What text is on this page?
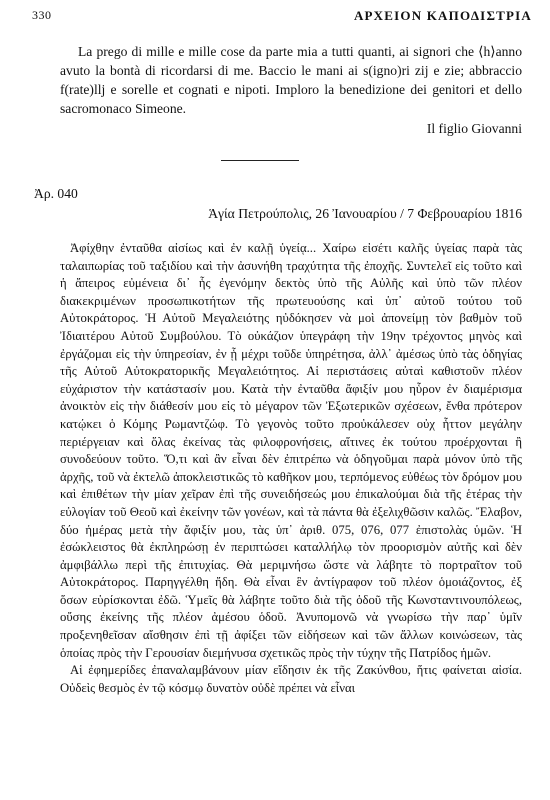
330	ΑΡΧΕΙΟΝ ΚΑΠΟΔΙΣΤΡΙΑ

La prego di mille e mille cose da parte mia a tutti quanti, ai signori che ⟨h⟩anno avuto la bontà di ricordarsi di me. Baccio le mani ai s(igno)ri zij e zie; abbraccio f(rate)llj e sorelle et cognati e nipoti. Imploro la benedizione dei genitori et dello sacromonaco Simeone.

Il figlio Giovanni
Ἀρ. 040
Ἁγία Πετρούπολις, 26 Ἰανουαρίου / 7 Φεβρουαρίου 1816

Ἀφίχθην ἐνταῦθα αἰσίως καὶ ἐν καλῇ ὑγείᾳ... Χαίρω εἰσέτι καλῆς ὑγείας παρὰ τὰς ταλαιπωρίας τοῦ ταξιδίου καὶ τὴν ἀσυνήθη τραχύτητα τῆς ἐποχῆς. Συντελεῖ εἰς τοῦτο καὶ ἡ ἄπειρος εὐμένεια δι᾽ ἧς ἐγενόμην δεκτὸς ὑπὸ τῆς Αὐλῆς καὶ ὑπὸ τῶν πλέον διακεκριμένων προσωπικοτήτων τῆς πρωτευούσης καὶ ὑπ᾽ αὐτοῦ τούτου τοῦ Αὐτοκράτορος. Ἡ Αὐτοῦ Μεγαλειότης ηὐδόκησεν νὰ μοὶ ἀπονείμῃ τὸν βαθμὸν τοῦ Ἰδιαιτέρου Αὐτοῦ Συμβούλου. Τὸ οὐκάζιον ὑπεγράφη τὴν 19ην τρέχοντος μηνὸς καὶ ἐργάζομαι εἰς τὴν ὑπηρεσίαν, ἐν ᾗ μέχρι τοῦδε ὑπηρέτησα, ἀλλ᾽ ἀμέσως ὑπὸ τὰς ὁδηγίας τῆς Αὐτοῦ Αὐτοκρατορικῆς Μεγαλειότητος. Αἱ περιστάσεις αὐταὶ καθιστοῦν πλέον εὐχάριστον τὴν κατάστασίν μου. Κατὰ τὴν ἐνταῦθα ἄφιξίν μου ηὗρον ἐν διαμέρισμα ἀνοικτὸν εἰς τὴν διάθεσίν μου εἰς τὸ μέγαρον τῶν Ἐξωτερικῶν σχέσεων, ἔνθα πρότερον κατῴκει ὁ Κόμης Ρωμαντζώφ. Τὸ γεγονὸς τοῦτο προὐκάλεσεν οὐχ ἧττον μεγάλην περιέργειαν καὶ ὅλας ἐκείνας τὰς φιλοφρονήσεις, αἵτινες ἐκ τούτου προέρχονται ἢ συνοδεύουν τοῦτο. Ὅ,τι καὶ ἂν εἶναι δὲν ἐπιτρέπω νὰ ὁδηγοῦμαι παρὰ μόνον ὑπὸ τῆς ἀρχῆς, τοῦ νὰ ἐκτελῶ ἀποκλειστικῶς τὸ καθῆκον μου, τερπόμενος εὐθέως τὸν δρόμον μου καὶ ἐπιθέτων τὴν μίαν χεῖραν ἐπὶ τῆς συνειδήσεώς μου ἐπικαλούμαι διὰ τῆς ἑτέρας τὴν εὐλογίαν τοῦ Θεοῦ καὶ ἐκείνην τῶν γονέων, καὶ τὰ πάντα θὰ ἐξελιχθῶσιν καλῶς. Ἔλαβον, δύο ἡμέρας μετὰ τὴν ἄφιξίν μου, τὰς ὑπ᾽ ἀριθ. 075, 076, 077 ἐπιστολὰς ὑμῶν. Ἡ ἐσώκλειστος θὰ ἐκπληρώσῃ ἐν περιπτώσει καταλλήλῳ τὸν προορισμὸν αὐτῆς καὶ δὲν ἀμφιβάλλω περὶ τῆς ἐπιτυχίας. Θὰ μεριμνήσω ὥστε νὰ λάβητε τὸ πορτραῖτον τοῦ Αὐτοκράτορος. Παρηγγέλθη ἤδη. Θὰ εἶναι ἓν ἀντίγραφον τοῦ πλέον ὁμοιάζοντος, ἐξ ὅσων εὑρίσκονται ἐδῶ. Ὑμεῖς θὰ λάβητε τοῦτο διὰ τῆς ὁδοῦ τῆς Κωνσταντινουπόλεως, οὔσης ἐκείνης τῆς πλέον ἀμέσου ὁδοῦ. Ἀνυπομονῶ νὰ γνωρίσω τὴν παρ᾽ ὑμῖν προξενηθεῖσαν αἴσθησιν ἐπὶ τῇ ἀφίξει τῶν εἰδήσεων καὶ τῶν ἄλλων κοινώσεων, τὰς ὁποίας πρὸς τὴν Γερουσίαν διεμήνυσα σχετικῶς πρὸς τὴν τύχην τῆς Πατρίδος ἡμῶν.

Αἱ ἐφημερίδες ἐπαναλαμβάνουν μίαν εἴδησιν ἐκ τῆς Ζακύνθου, ἥτις φαίνεται αἰσία. Οὐδεὶς θεσμὸς ἐν τῷ κόσμῳ δυνατὸν οὐδὲ πρέπει νὰ εἶναι
